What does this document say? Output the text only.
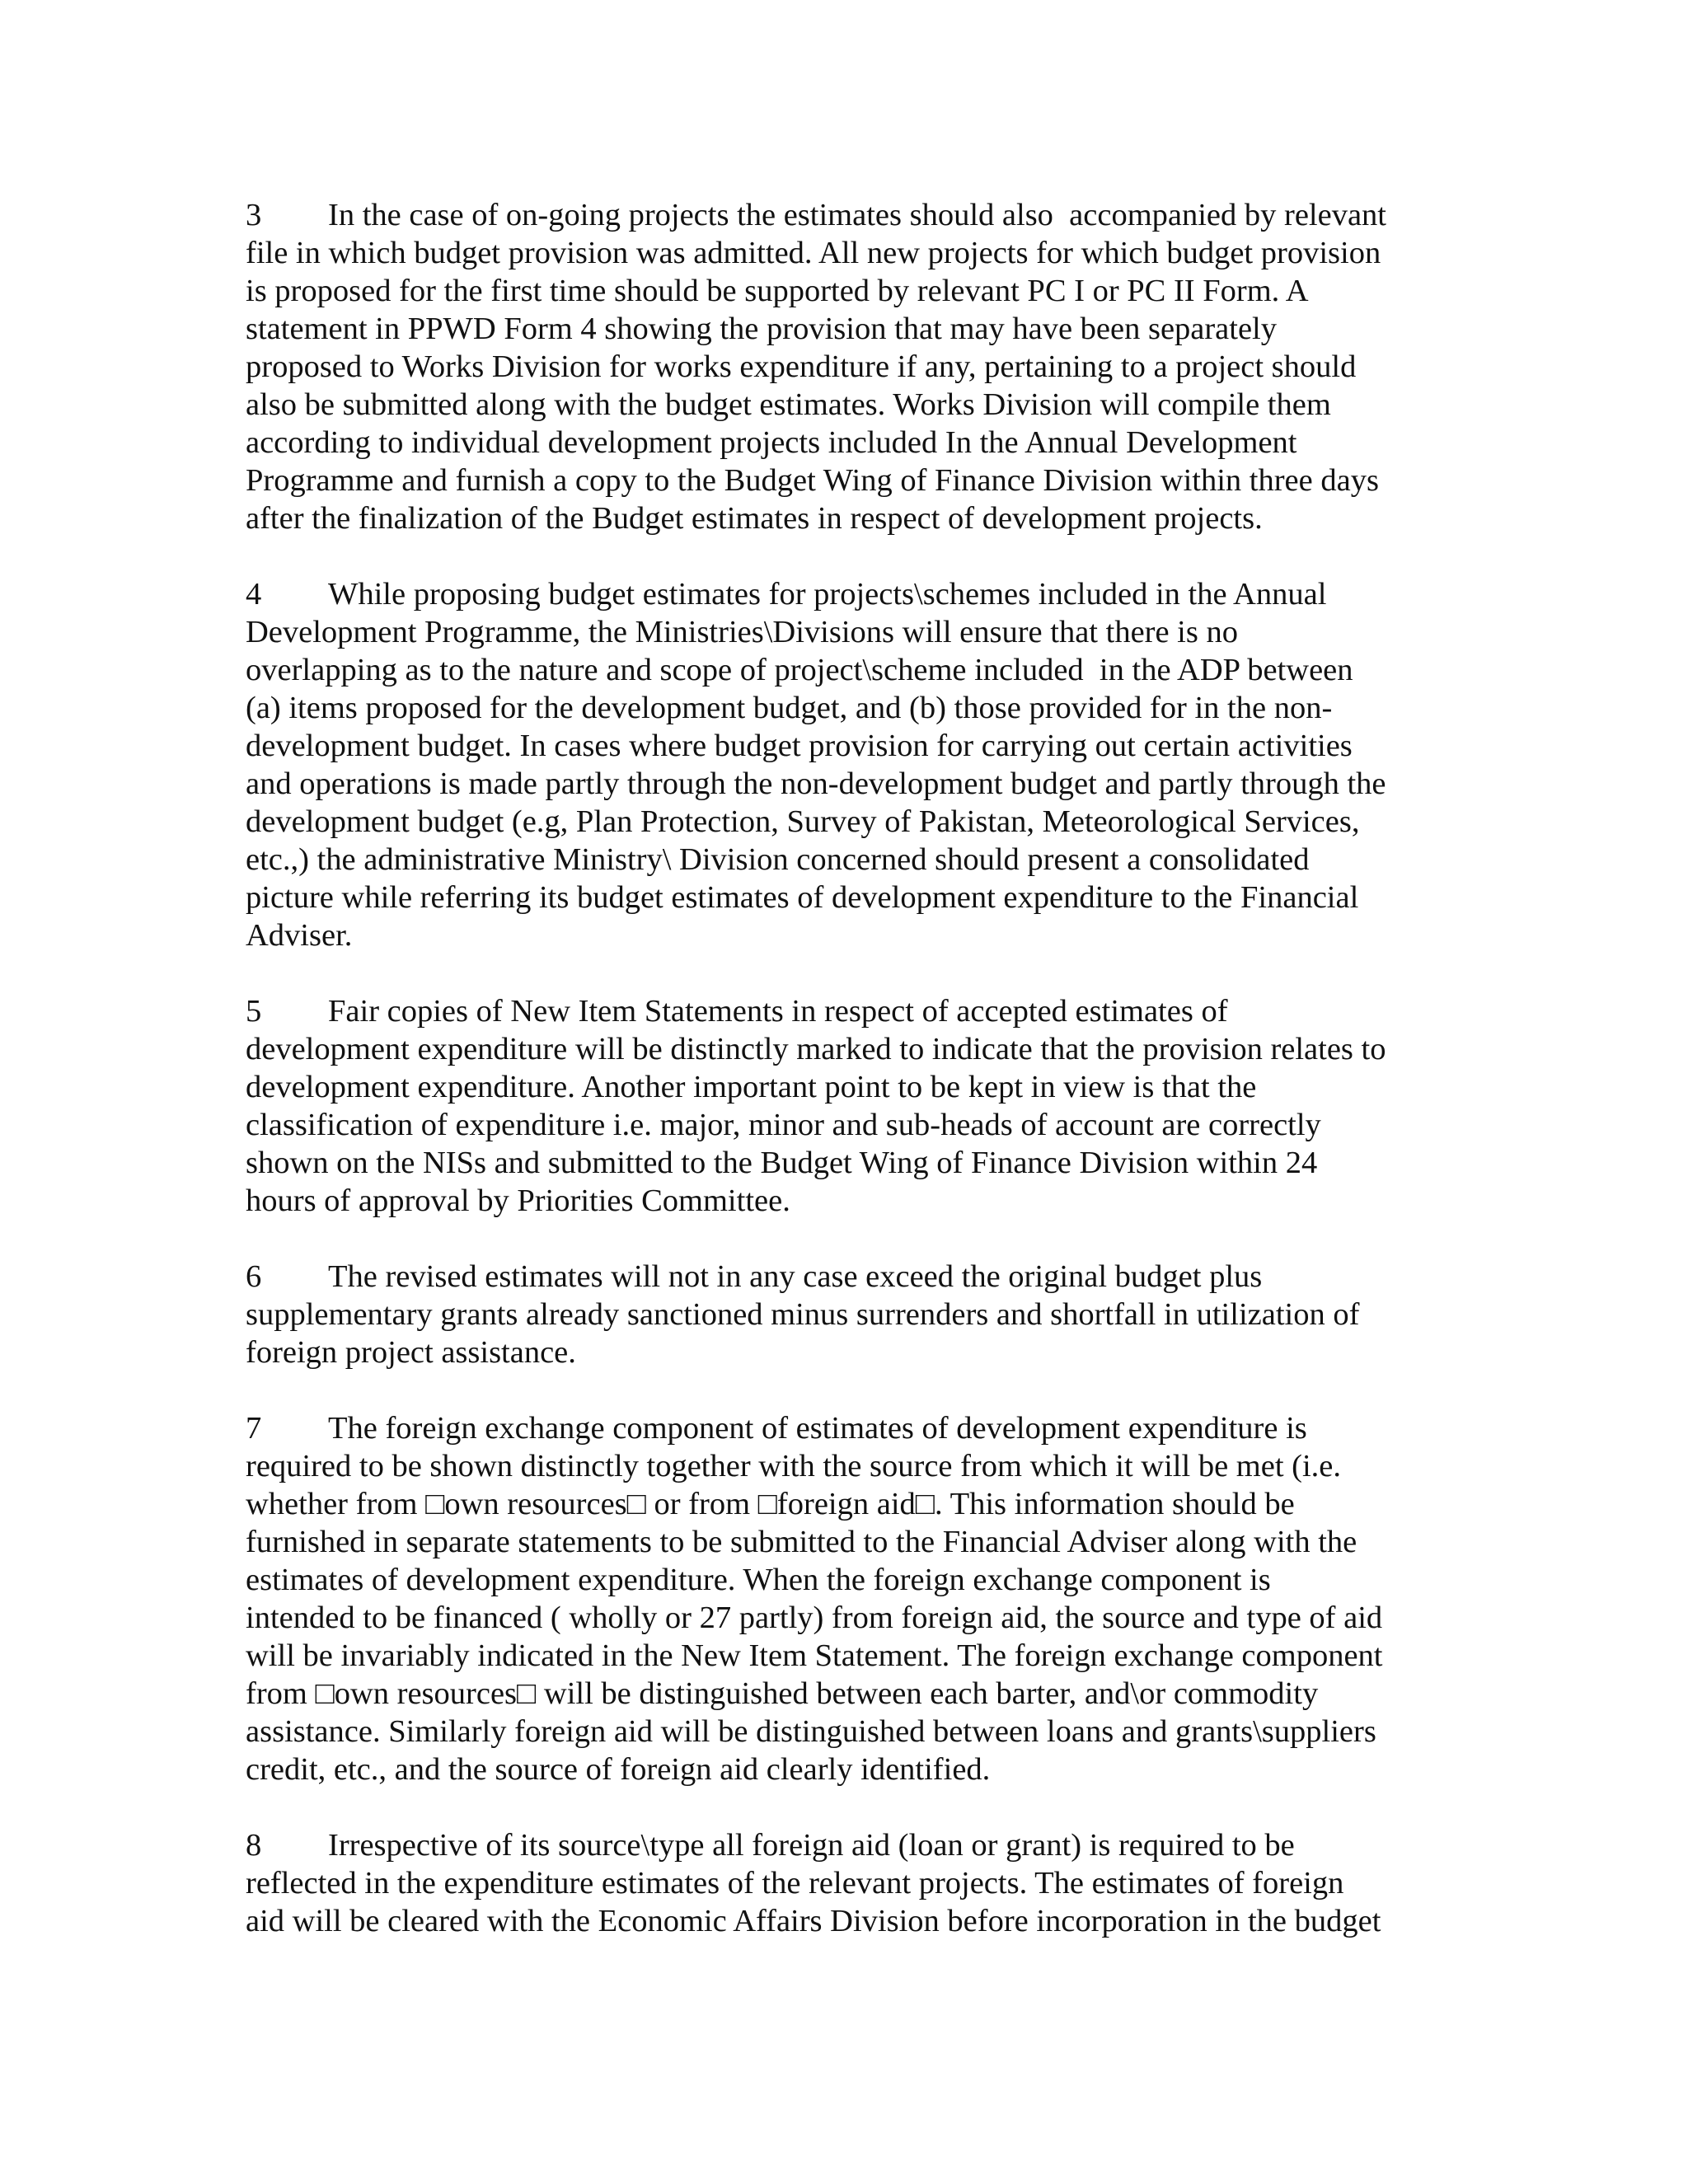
3 In the case of on-going projects the estimates should also  accompanied by relevant
file in which budget provision was admitted. All new projects for which budget provision
is proposed for the first time should be supported by relevant PC I or PC II Form. A
statement in PPWD Form 4 showing the provision that may have been separately
proposed to Works Division for works expenditure if any, pertaining to a project should
also be submitted along with the budget estimates. Works Division will compile them
according to individual development projects included In the Annual Development
Programme and furnish a copy to the Budget Wing of Finance Division within three days
after the finalization of the Budget estimates in respect of development projects.
4 While proposing budget estimates for projects\schemes included in the Annual
Development Programme, the Ministries\Divisions will ensure that there is no
overlapping as to the nature and scope of project\scheme included  in the ADP between
(a) items proposed for the development budget, and (b) those provided for in the non-
development budget. In cases where budget provision for carrying out certain activities
and operations is made partly through the non-development budget and partly through the
development budget (e.g, Plan Protection, Survey of Pakistan, Meteorological Services,
etc.,) the administrative Ministry\ Division concerned should present a consolidated
picture while referring its budget estimates of development expenditure to the Financial
Adviser.
5 Fair copies of New Item Statements in respect of accepted estimates of
development expenditure will be distinctly marked to indicate that the provision relates to
development expenditure. Another important point to be kept in view is that the
classification of expenditure i.e. major, minor and sub-heads of account are correctly
shown on the NISs and submitted to the Budget Wing of Finance Division within 24
hours of approval by Priorities Committee.
6 The revised estimates will not in any case exceed the original budget plus
supplementary grants already sanctioned minus surrenders and shortfall in utilization of
foreign project assistance.
7 The foreign exchange component of estimates of development expenditure is
required to be shown distinctly together with the source from which it will be met (i.e.
whether from □own resources□ or from □foreign aid□. This information should be
furnished in separate statements to be submitted to the Financial Adviser along with the
estimates of development expenditure. When the foreign exchange component is
intended to be financed ( wholly or 27 partly) from foreign aid, the source and type of aid
will be invariably indicated in the New Item Statement. The foreign exchange component
from □own resources□ will be distinguished between each barter, and\or commodity
assistance. Similarly foreign aid will be distinguished between loans and grants\suppliers
credit, etc., and the source of foreign aid clearly identified.
8 Irrespective of its source\type all foreign aid (loan or grant) is required to be
reflected in the expenditure estimates of the relevant projects. The estimates of foreign
aid will be cleared with the Economic Affairs Division before incorporation in the budget
